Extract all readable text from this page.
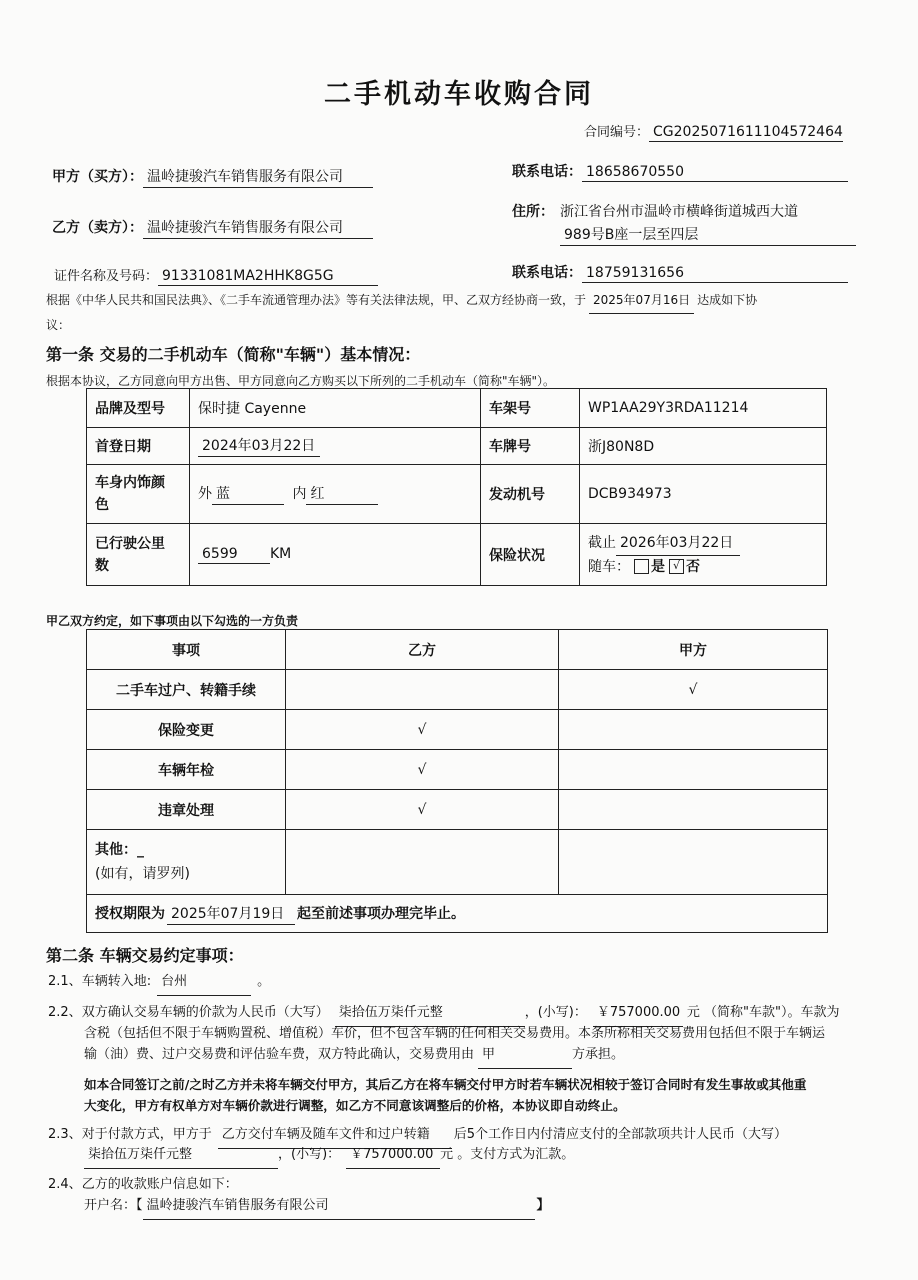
二手机动车收购合同
合同编号： CG2025071611104572464
甲方（买方）： 温岭捷骏汽车销售服务有限公司	联系电话： 18658670550
乙方（卖方）： 温岭捷骏汽车销售服务有限公司
住所： 浙江省台州市温岭市横峰街道城西大道
989号B座一层至四层
证件名称及号码： 91331081MA2HHK8G5G	联系电话： 18759131656
根据《中华人民共和国民法典》、《二手车流通管理办法》等有关法律法规，甲、乙双方经协商一致，于 2025年07月16日 达成如下协
议：
第一条 交易的二手机动车（简称"车辆"）基本情况：
根据本协议，乙方同意向甲方出售、甲方同意向乙方购买以下所列的二手机动车（简称"车辆"）。
品牌及型号	保时捷 Cayenne	车架号	WP1AA29Y3RDA11214
首登日期	2024年03月22日	车牌号	浙J80N8D
车身内饰颜
色	外 蓝 内 红	发动机号	DCB934973
已行驶公里
数	6599 KM	保险状况	截止 2026年03月22日
随车： 是 √ 否
甲乙双方约定，如下事项由以下勾选的一方负责
事项	乙方	甲方
二手车过户、转籍手续		√
保险变更	√	
车辆年检	√	
违章处理	√	
其他：_
(如有，请罗列)		
授权期限为 2025年07月19日 起至前述事项办理完毕止。		
第二条 车辆交易约定事项：
2.1、车辆转入地: 台州	。
2.2、双方确认交易车辆的价款为人民币（大写） 柒拾伍万柒仟元整	，(小写)： ￥757000.00 元 （简称"车款"）。车款为
含税（包括但不限于车辆购置税、增值税）车价，但不包含车辆的任何相关交易费用。本条所称相关交易费用包括但不限于车辆运
输（油）费、过户交易费和评估验车费，双方特此确认，交易费用由 甲	方承担。
如本合同签订之前/之时乙方并未将车辆交付甲方，其后乙方在将车辆交付甲方时若车辆状况相较于签订合同时有发生事故或其他重
大变化，甲方有权单方对车辆价款进行调整，如乙方不同意该调整后的价格，本协议即自动终止。
2.3、对于付款方式，甲方于 乙方交付车辆及随车文件和过户转籍 后5个工作日内付清应支付的全部款项共计人民币（大写）
柒拾伍万柒仟元整	，(小写)： ￥757000.00 元 。支付方式为汇款。
2.4、乙方的收款账户信息如下：
开户名：【 温岭捷骏汽车销售服务有限公司	】
